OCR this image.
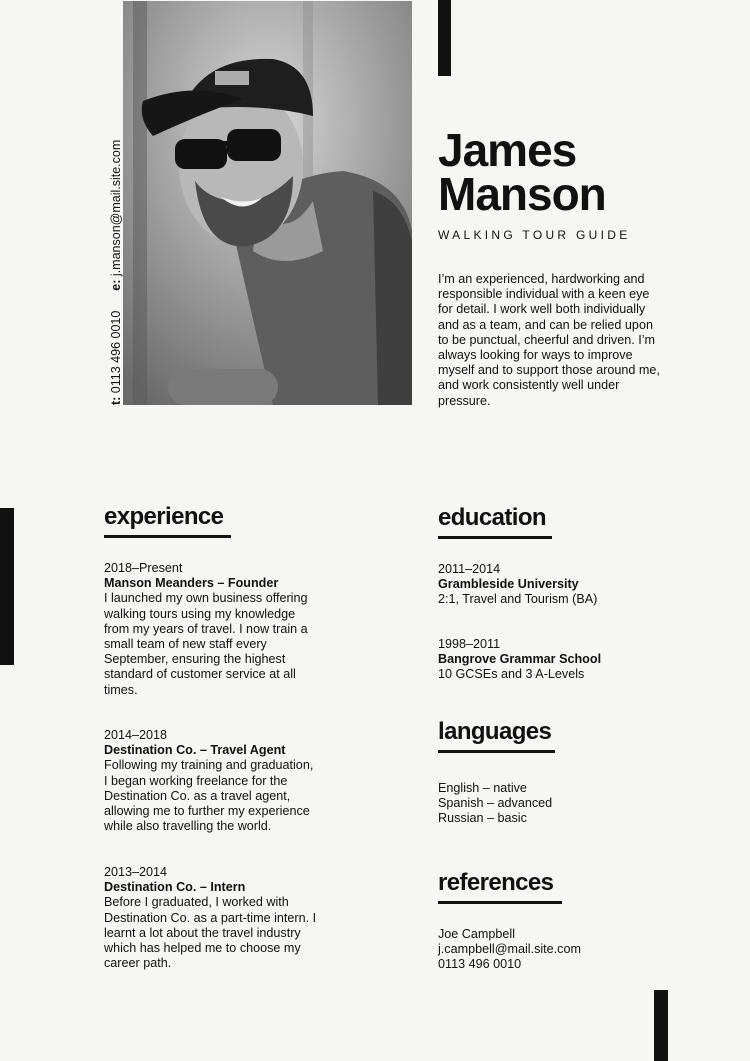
t: 0113 496 0010
e: j.manson@mail.site.com	James
Manson
WALKING TOUR GUIDE

I’m an experienced, hardworking and responsible individual with a keen eye for detail. I work well both individually and as a team, and can be relied upon to be punctual, cheerful and driven. I’m always looking for ways to improve myself and to support those around me, and work consistently well under pressure.

experience

2018–Present

Manson Meanders – Founder

I launched my own business offering walking tours using my knowledge from my years of travel. I now train a small team of new staff every September, ensuring the highest standard of customer service at all times.

2014–2018

Destination Co. – Travel Agent

Following my training and graduation, I began working freelance for the Destination Co. as a travel agent, allowing me to further my experience while also travelling the world.

2013–2014

Destination Co. – Intern

Before I graduated, I worked with Destination Co. as a part-time intern. I learnt a lot about the travel industry which has helped me to choose my career path.

education

2011–2014

Grambleside University

2:1, Travel and Tourism (BA)

1998–2011

Bangrove Grammar School

10 GCSEs and 3 A-Levels

languages

English – native

Spanish – advanced

Russian – basic

references

Joe Campbell

j.campbell@mail.site.com

0113 496 0010
